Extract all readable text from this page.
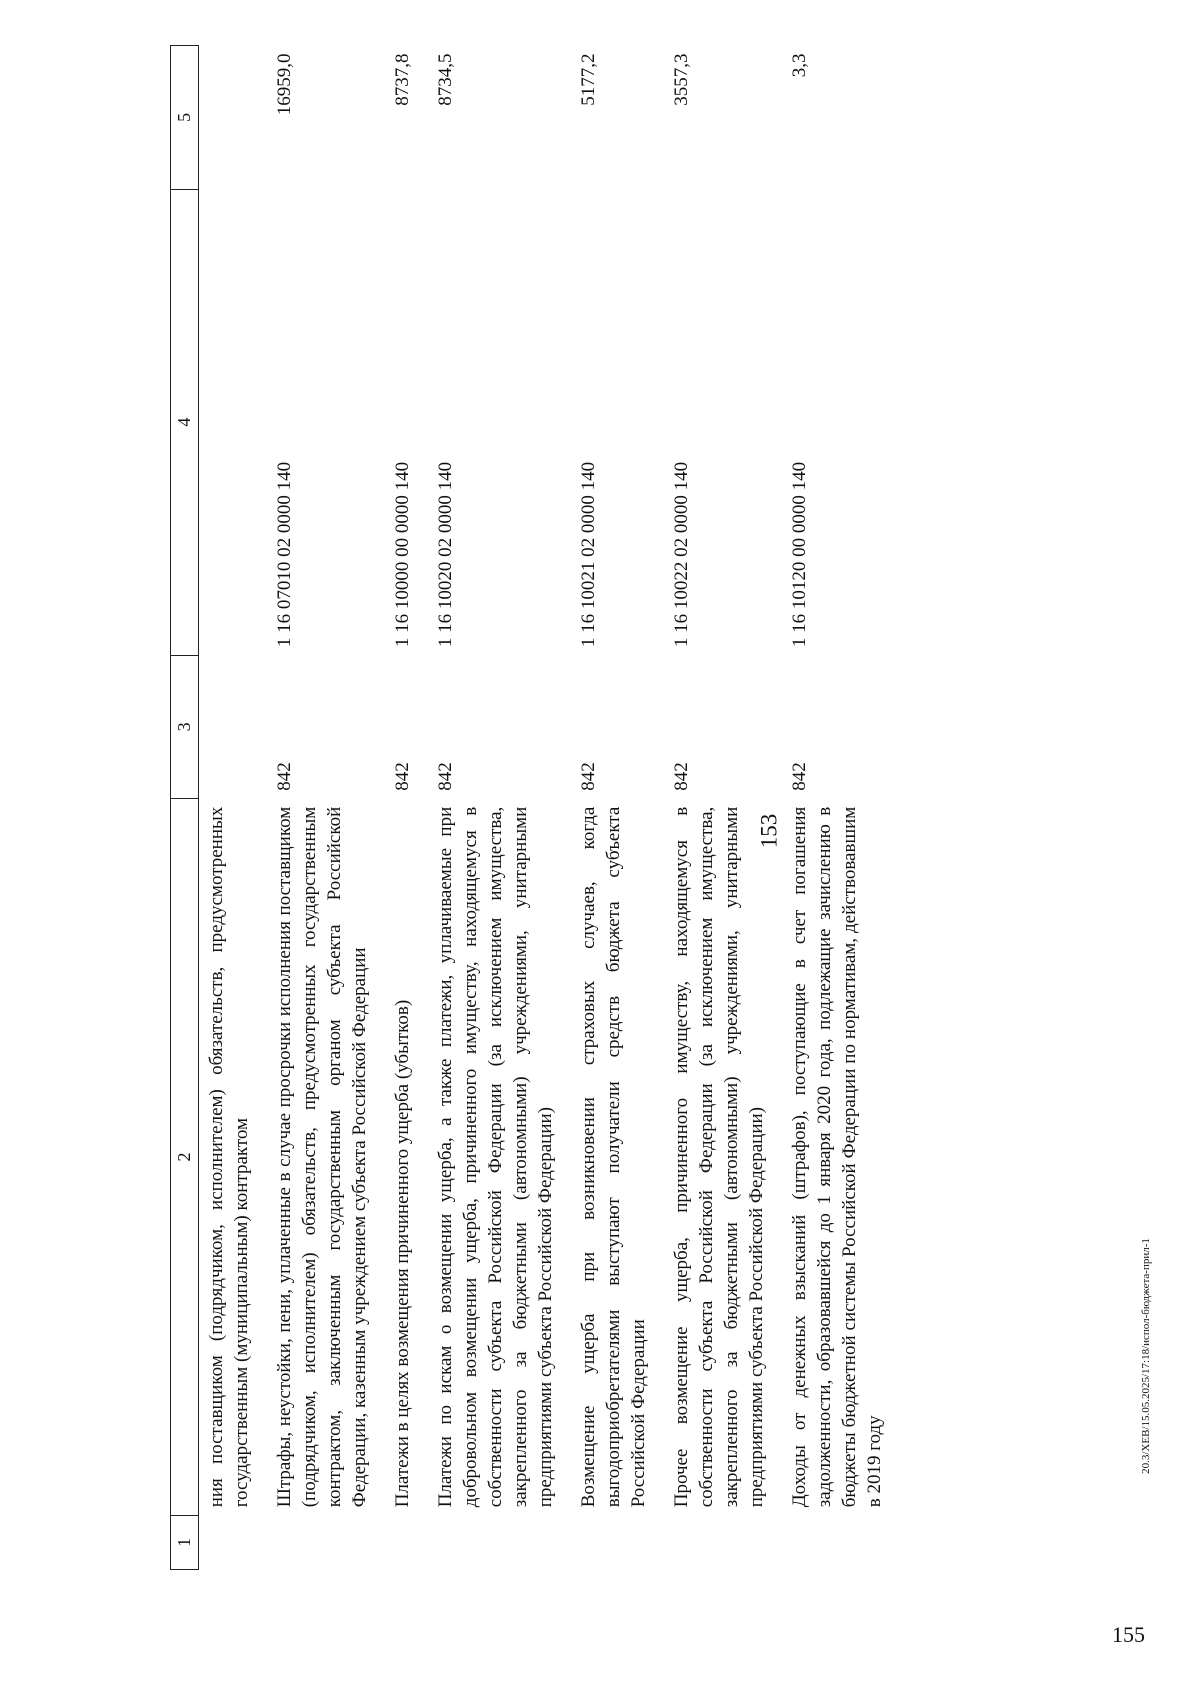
153
20.3/XEB/15.05.2025/17:18/испол-бюджета-прил-1
155
1	2	3	4	5
	ния поставщиком (подрядчиком, исполнителем) обязательств, предусмотренных государственным (муниципальным) контрактом			
	Штрафы, неустойки, пени, уплаченные в случае просрочки исполнения поставщиком (подрядчиком, исполнителем) обязательств, предусмотренных государственным контрактом, заключенным государственным органом субъекта Российской Федерации, казенным учреждением субъекта Российской Федерации	842	1 16 07010 02 0000 140	16959,0
	Платежи в целях возмещения причиненного ущерба (убытков)	842	1 16 10000 00 0000 140	8737,8
	Платежи по искам о возмещении ущерба, а также платежи, уплачиваемые при добровольном возмещении ущерба, причиненного имуществу, находящемуся в собственности субъекта Российской Федерации (за исключением имущества, закрепленного за бюджетными (автономными) учреждениями, унитарными предприятиями субъекта Российской Федерации)	842	1 16 10020 02 0000 140	8734,5
	Возмещение ущерба при возникновении страховых случаев, когда выгодоприобретателями выступают получатели средств бюджета субъекта Российской Федерации	842	1 16 10021 02 0000 140	5177,2
	Прочее возмещение ущерба, причиненного имуществу, находящемуся в собственности субъекта Российской Федерации (за исключением имущества, закрепленного за бюджетными (автономными) учреждениями, унитарными предприятиями субъекта Российской Федерации)	842	1 16 10022 02 0000 140	3557,3
	Доходы от денежных взысканий (штрафов), поступающие в счет погашения задолженности, образовавшейся до 1 января 2020 года, подлежащие зачислению в бюджеты бюджетной системы Российской Федерации по нормативам, действовавшим в 2019 году	842	1 16 10120 00 0000 140	3,3
